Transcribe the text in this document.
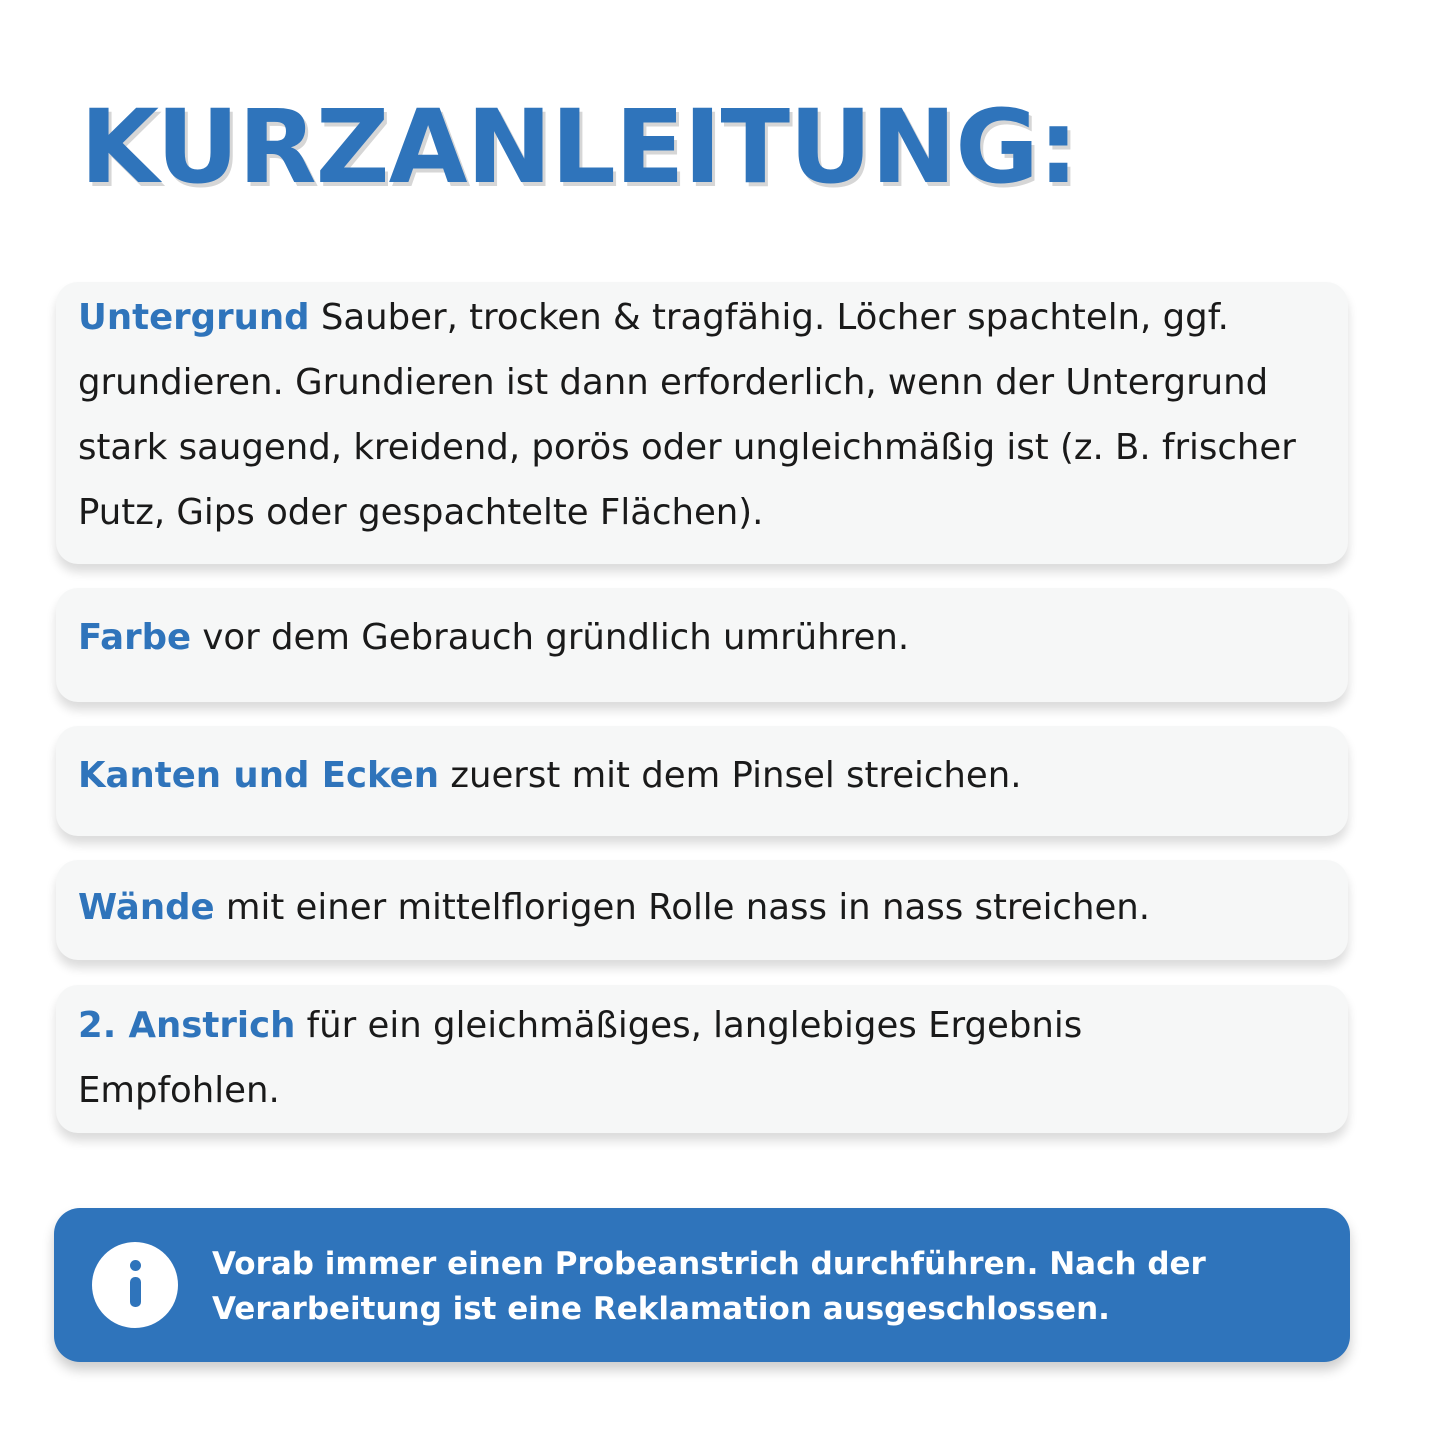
KURZANLEITUNG:
Untergrund Sauber, trocken & tragfähig. Löcher spachteln, ggf. grundieren. Grundieren ist dann erforderlich, wenn der Untergrund stark saugend, kreidend, porös oder ungleichmäßig ist (z. B. frischer Putz, Gips oder gespachtelte Flächen).
Farbe vor dem Gebrauch gründlich umrühren.
Kanten und Ecken zuerst mit dem Pinsel streichen.
Wände mit einer mittelflorigen Rolle nass in nass streichen.
2. Anstrich für ein gleichmäßiges, langlebiges Ergebnis Empfohlen.

Vorab immer einen Probeanstrich durchführen. Nach der Verarbeitung ist eine Reklamation ausgeschlossen.
